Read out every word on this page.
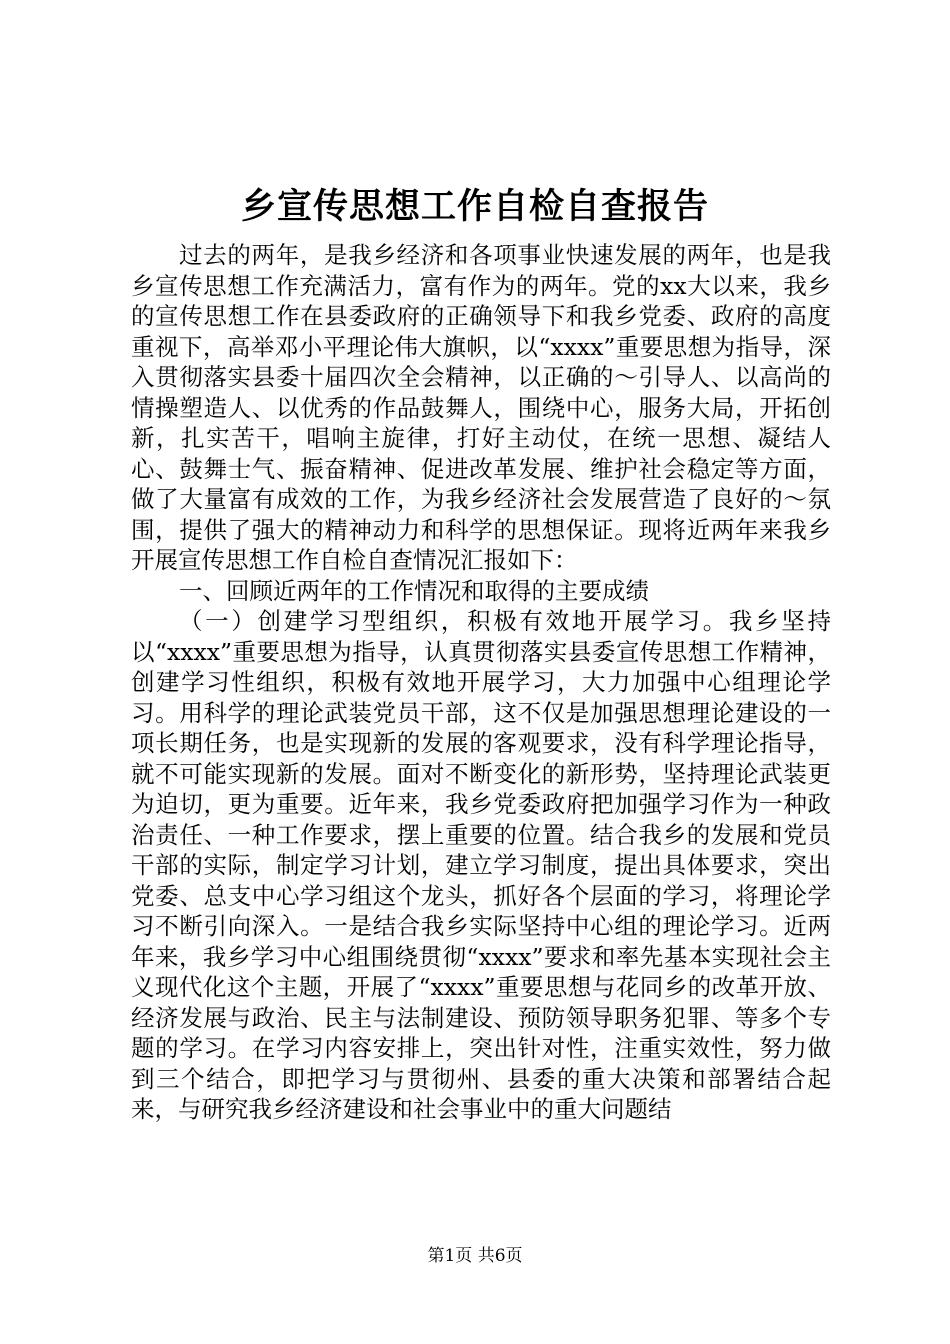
乡宣传思想工作自检自查报告

过去的两年，是我乡经济和各项事业快速发展的两年，也是我乡宣传思想工作充满活力，富有作为的两年。党的xx大以来，我乡的宣传思想工作在县委政府的正确领导下和我乡党委、政府的高度重视下，高举邓小平理论伟大旗帜，以“xxxx”重要思想为指导，深入贯彻落实县委十届四次全会精神，以正确的～引导人、以高尚的情操塑造人、以优秀的作品鼓舞人，围绕中心，服务大局，开拓创新，扎实苦干，唱响主旋律，打好主动仗，在统一思想、凝结人心、鼓舞士气、振奋精神、促进改革发展、维护社会稳定等方面，做了大量富有成效的工作，为我乡经济社会发展营造了良好的～氛围，提供了强大的精神动力和科学的思想保证。现将近两年来我乡开展宣传思想工作自检自查情况汇报如下：

一、回顾近两年的工作情况和取得的主要成绩

（一）创建学习型组织，积极有效地开展学习。我乡坚持以“xxxx”重要思想为指导，认真贯彻落实县委宣传思想工作精神，创建学习性组织，积极有效地开展学习，大力加强中心组理论学习。用科学的理论武装党员干部，这不仅是加强思想理论建设的一项长期任务，也是实现新的发展的客观要求，没有科学理论指导，就不可能实现新的发展。面对不断变化的新形势，坚持理论武装更为迫切，更为重要。近年来，我乡党委政府把加强学习作为一种政治责任、一种工作要求，摆上重要的位置。结合我乡的发展和党员干部的实际，制定学习计划，建立学习制度，提出具体要求，突出党委、总支中心学习组这个龙头，抓好各个层面的学习，将理论学习不断引向深入。一是结合我乡实际坚持中心组的理论学习。近两年来，我乡学习中心组围绕贯彻“xxxx”要求和率先基本实现社会主义现代化这个主题，开展了“xxxx”重要思想与花同乡的改革开放、经济发展与政治、民主与法制建设、预防领导职务犯罪、等多个专题的学习。在学习内容安排上，突出针对性，注重实效性，努力做到三个结合，即把学习与贯彻州、县委的重大决策和部署结合起来，与研究我乡经济建设和社会事业中的重大问题结

第1页 共6页
